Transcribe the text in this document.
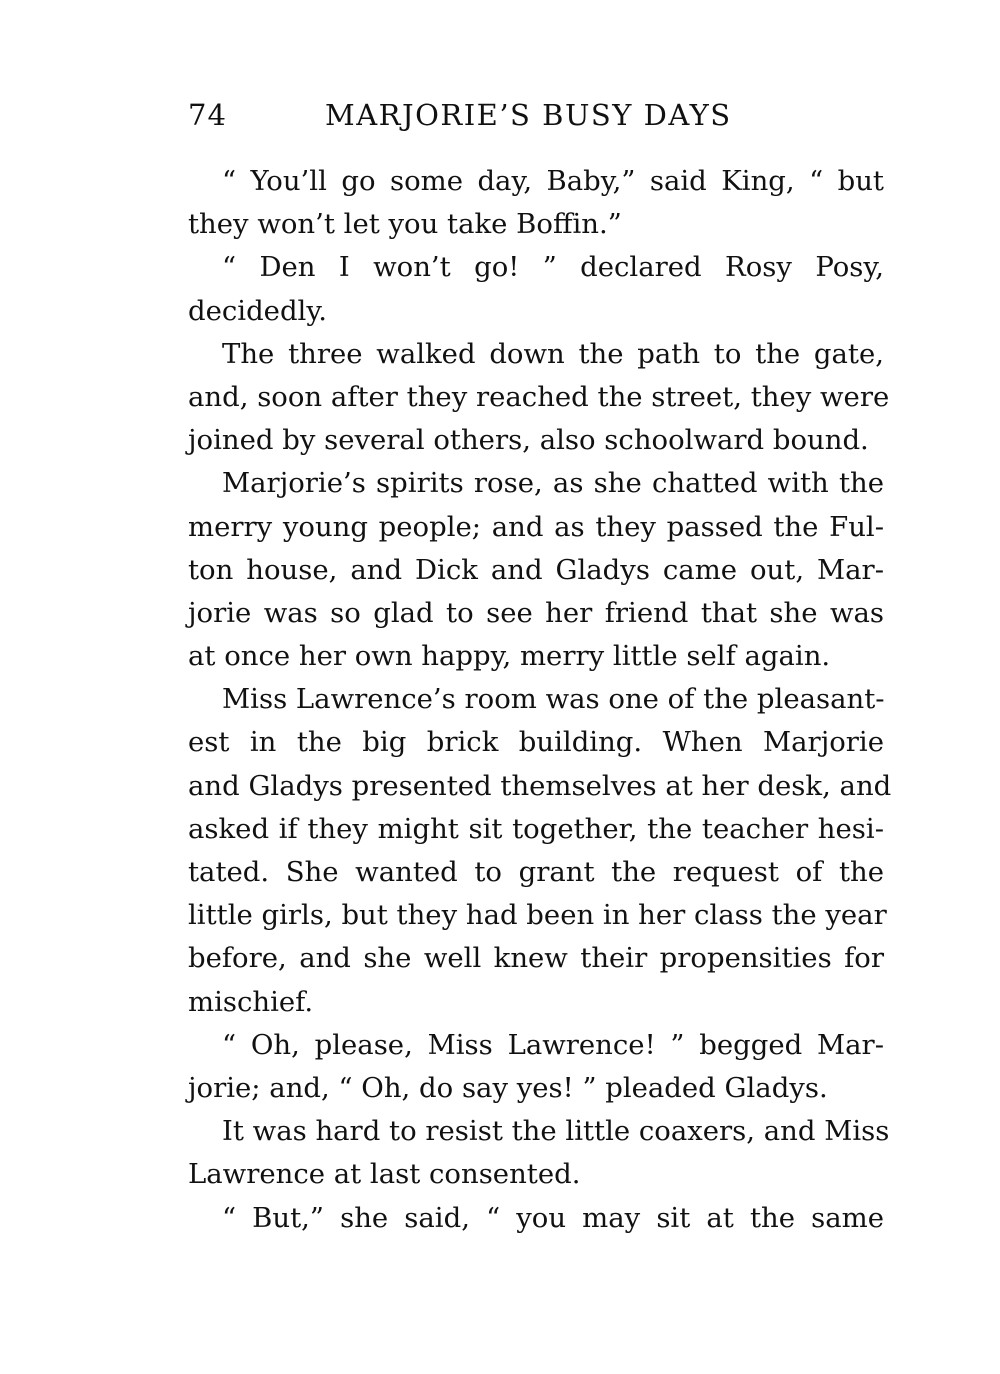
74	MARJORIE’S BUSY DAYS
“ You’ll go some day, Baby,” said King, “ but
they won’t let you take Boffin.”
“ Den I won’t go! ” declared Rosy Posy,
decidedly.
The three walked down the path to the gate,
and, soon after they reached the street, they were
joined by several others, also schoolward bound.
Marjorie’s spirits rose, as she chatted with the
merry young people; and as they passed the Ful-
ton house, and Dick and Gladys came out, Mar-
jorie was so glad to see her friend that she was
at once her own happy, merry little self again.
Miss Lawrence’s room was one of the pleasant-
est in the big brick building. When Marjorie
and Gladys presented themselves at her desk, and
asked if they might sit together, the teacher hesi-
tated. She wanted to grant the request of the
little girls, but they had been in her class the year
before, and she well knew their propensities for
mischief.
“ Oh, please, Miss Lawrence! ” begged Mar-
jorie; and, “ Oh, do say yes! ” pleaded Gladys.
It was hard to resist the little coaxers, and Miss
Lawrence at last consented.
“ But,” she said, “ you may sit at the same
